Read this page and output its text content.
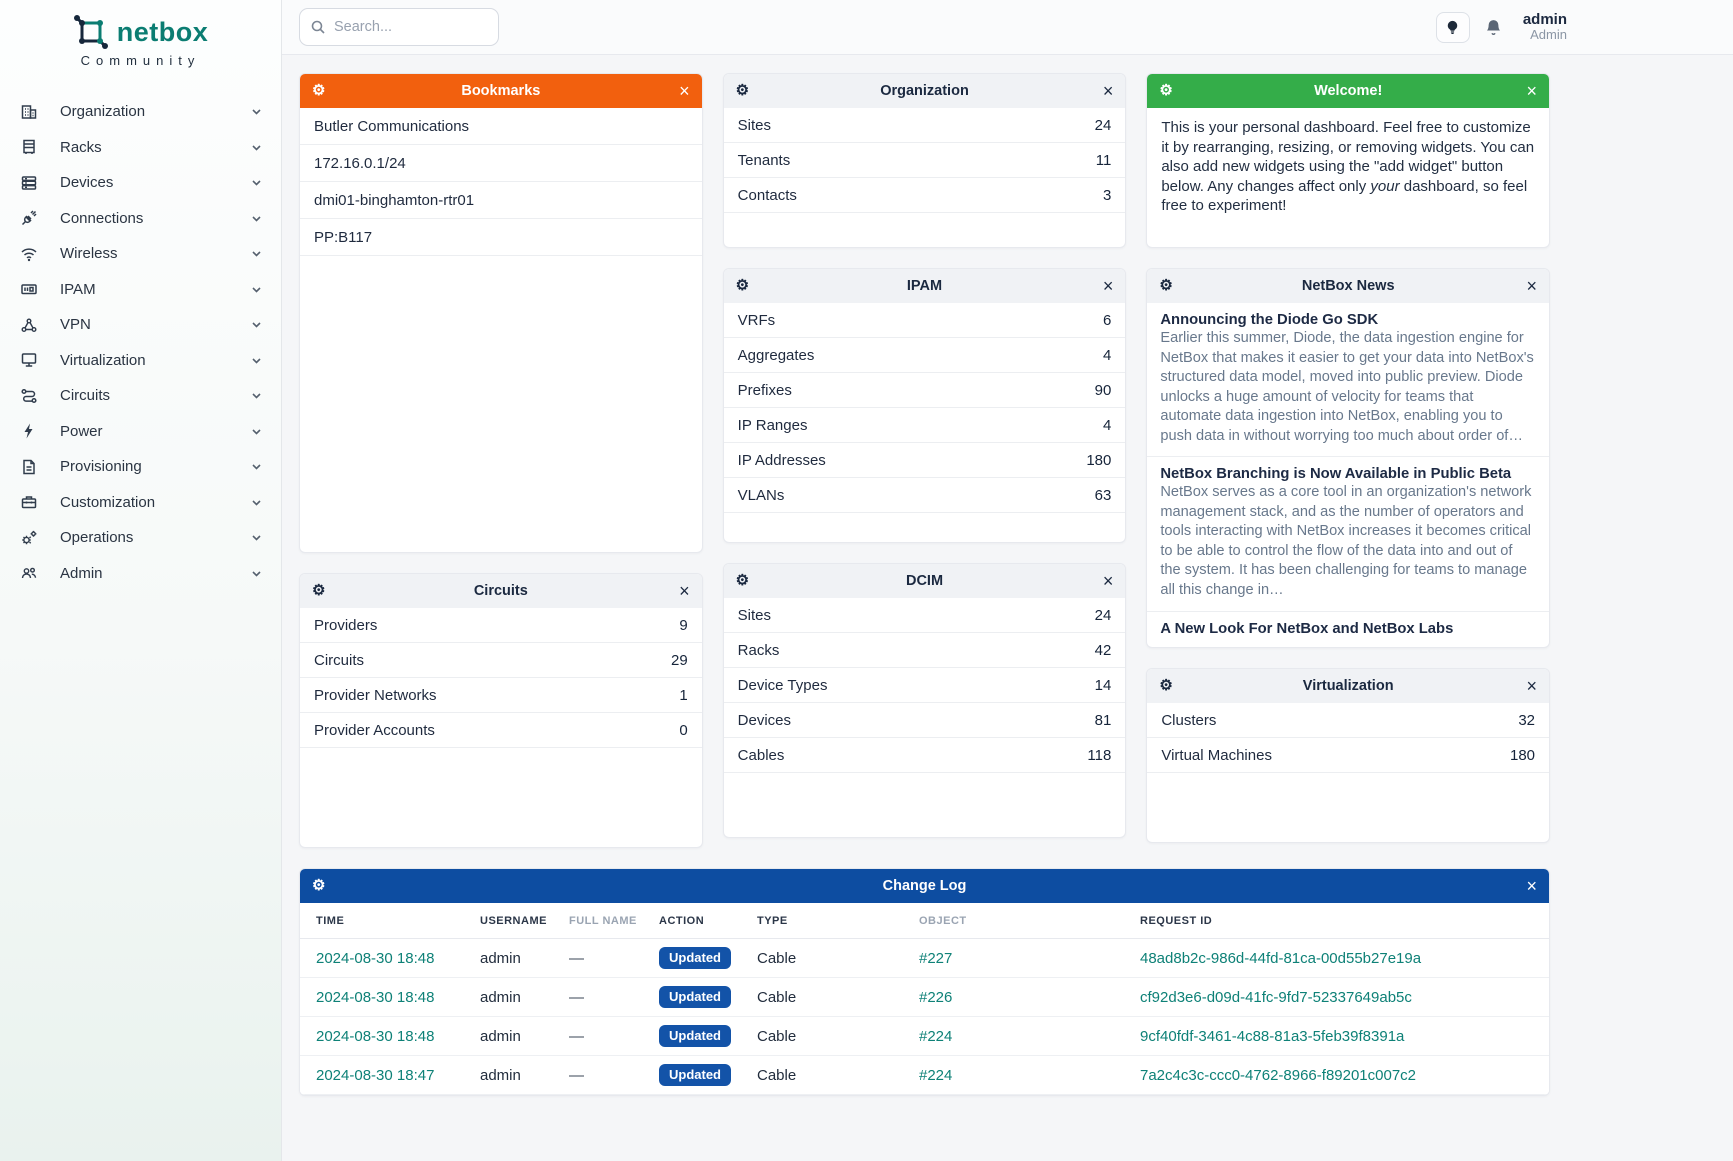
netbox
Community
Organization
Racks
Devices
Connections
Wireless
IPAM
VPN
Virtualization
Circuits
Power
Provisioning
Customization
Operations
Admin
Search...
admin
Admin
⚙	Bookmarks	×
Butler Communications
172.16.0.1/24
dmi01-binghamton-rtr01
PP:B117
⚙	Circuits	×
Providers	9
Circuits	29
Provider Networks	1
Provider Accounts	0
⚙	Organization	×
Sites	24
Tenants	11
Contacts	3
⚙	IPAM	×
VRFs	6
Aggregates	4
Prefixes	90
IP Ranges	4
IP Addresses	180
VLANs	63
⚙	DCIM	×
Sites	24
Racks	42
Device Types	14
Devices	81
Cables	118
⚙	Welcome!	×
This is your personal dashboard. Feel free to customize it by rearranging, resizing, or removing widgets. You can also add new widgets using the "add widget" button below. Any changes affect only your dashboard, so feel free to experiment!
⚙	NetBox News	×
Announcing the Diode Go SDK
Earlier this summer, Diode, the data ingestion engine for NetBox that makes it easier to get your data into NetBox's structured data model, moved into public preview. Diode unlocks a huge amount of velocity for teams that automate data ingestion into NetBox, enabling you to push data in without worrying too much about order of…
NetBox Branching is Now Available in Public Beta
NetBox serves as a core tool in an organization's network management stack, and as the number of operators and tools interacting with NetBox increases it becomes critical to be able to control the flow of the data into and out of the system. It has been challenging for teams to manage all this change in…
A New Look For NetBox and NetBox Labs
⚙	Virtualization	×
Clusters	32
Virtual Machines	180
⚙	Change Log	×
TIME	USERNAME	FULL NAME	ACTION	TYPE	OBJECT	REQUEST ID
2024-08-30 18:48	admin	—	Updated	Cable	#227	48ad8b2c-986d-44fd-81ca-00d55b27e19a
2024-08-30 18:48	admin	—	Updated	Cable	#226	cf92d3e6-d09d-41fc-9fd7-52337649ab5c
2024-08-30 18:48	admin	—	Updated	Cable	#224	9cf40fdf-3461-4c88-81a3-5feb39f8391a
2024-08-30 18:47	admin	—	Updated	Cable	#224	7a2c4c3c-ccc0-4762-8966-f89201c007c2
